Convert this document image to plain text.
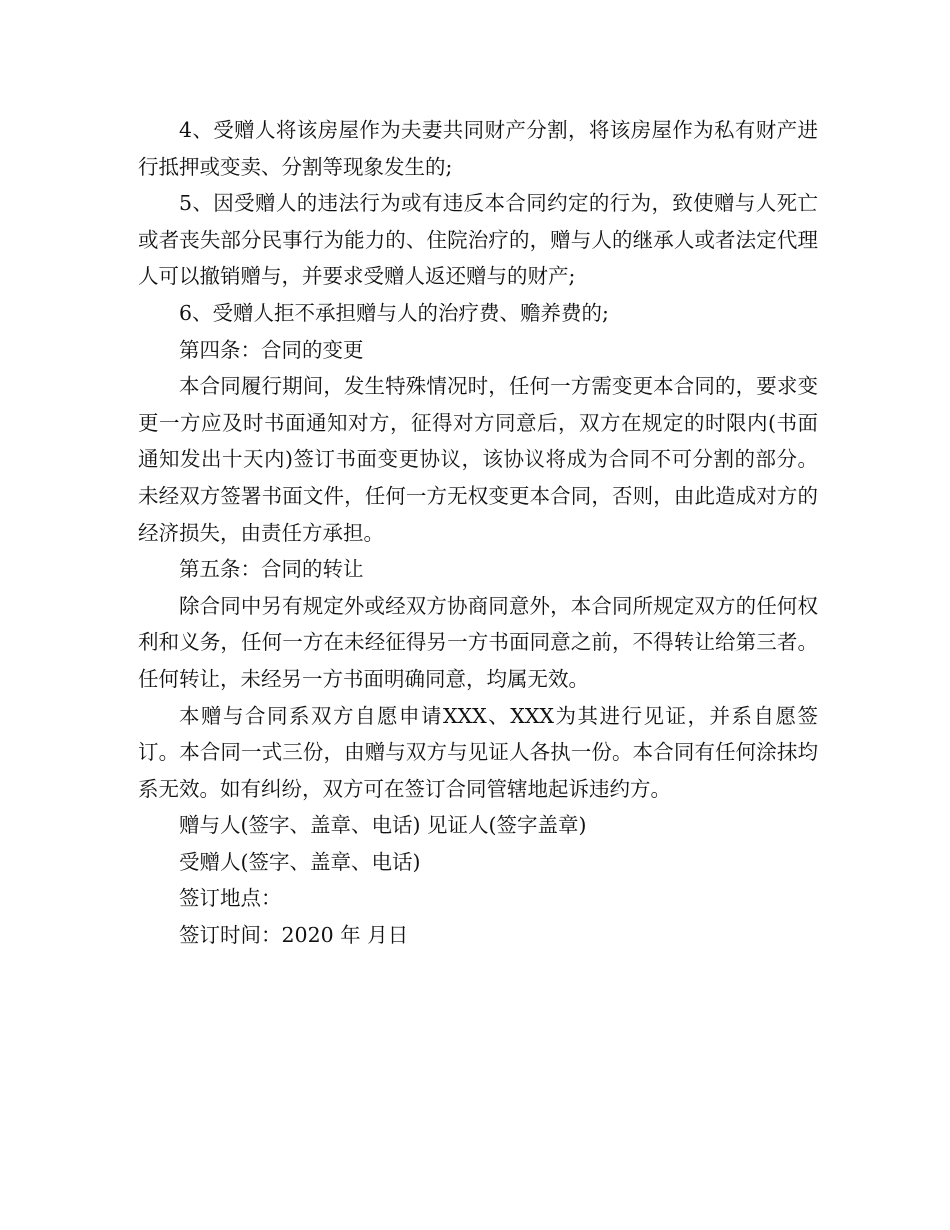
4、受赠人将该房屋作为夫妻共同财产分割，将该房屋作为私有财产进行抵押或变卖、分割等现象发生的;

5、因受赠人的违法行为或有违反本合同约定的行为，致使赠与人死亡或者丧失部分民事行为能力的、住院治疗的，赠与人的继承人或者法定代理人可以撤销赠与，并要求受赠人返还赠与的财产;

6、受赠人拒不承担赠与人的治疗费、赡养费的;

第四条：合同的变更

本合同履行期间，发生特殊情况时，任何一方需变更本合同的，要求变更一方应及时书面通知对方，征得对方同意后，双方在规定的时限内(书面通知发出十天内)签订书面变更协议，该协议将成为合同不可分割的部分。未经双方签署书面文件，任何一方无权变更本合同，否则，由此造成对方的经济损失，由责任方承担。

第五条：合同的转让

除合同中另有规定外或经双方协商同意外，本合同所规定双方的任何权利和义务，任何一方在未经征得另一方书面同意之前，不得转让给第三者。任何转让，未经另一方书面明确同意，均属无效。

本赠与合同系双方自愿申请XXX、XXX为其进行见证，并系自愿签订。本合同一式三份，由赠与双方与见证人各执一份。本合同有任何涂抹均系无效。如有纠纷，双方可在签订合同管辖地起诉违约方。

赠与人(签字、盖章、电话) 见证人(签字盖章)

受赠人(签字、盖章、电话)

签订地点：

签订时间：2020 年 月日
